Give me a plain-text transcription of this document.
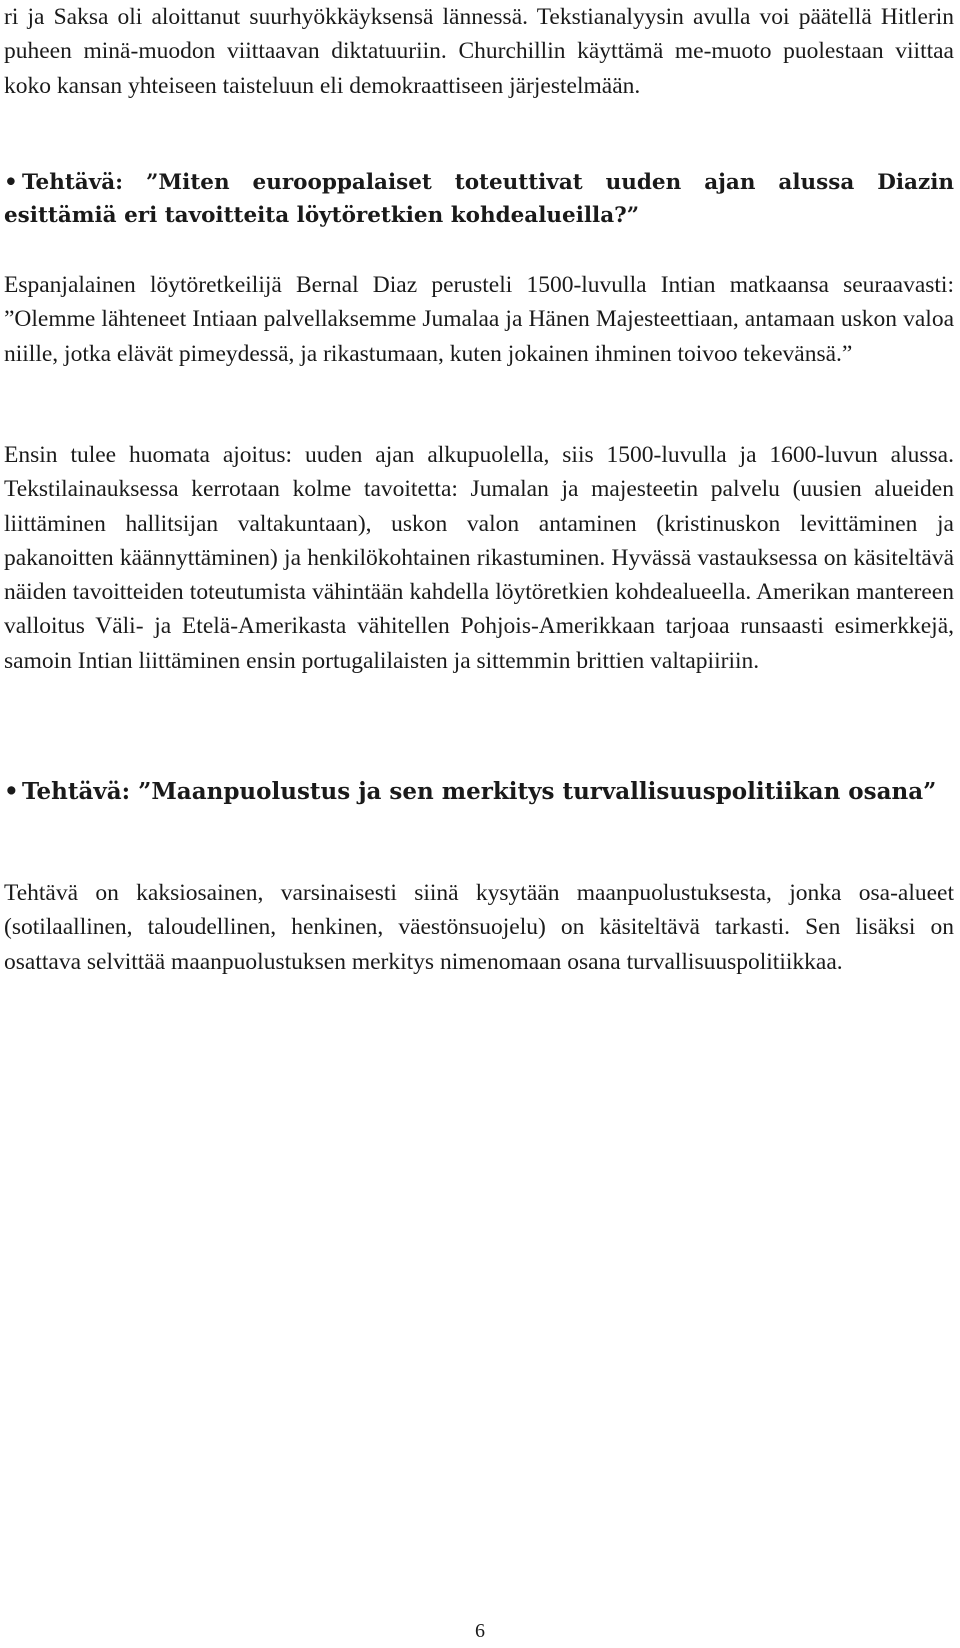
ri ja Saksa oli aloittanut suurhyökkäyksensä lännessä. Tekstianalyysin avulla voi päätellä Hitlerin puheen minä-muodon viittaavan diktatuuriin. Churchillin käyttämä me-muoto puolestaan viittaa koko kansan yhteiseen taisteluun eli demokraattiseen järjestelmään.

• Tehtävä: ”Miten eurooppalaiset toteuttivat uuden ajan alussa Diazin esittämiä eri tavoitteita löytöretkien kohdealueilla?”

Espanjalainen löytöretkeilijä Bernal Diaz perusteli 1500-luvulla Intian matkaansa seuraavasti: ”Olemme lähteneet Intiaan palvellaksemme Jumalaa ja Hänen Majesteettiaan, antamaan uskon valoa niille, jotka elävät pimeydessä, ja rikastumaan, kuten jokainen ihminen toivoo tekevänsä.”

Ensin tulee huomata ajoitus: uuden ajan alkupuolella, siis 1500-luvulla ja 1600-luvun alussa. Tekstilainauksessa kerrotaan kolme tavoitetta: Jumalan ja majesteetin palvelu (uusien alueiden liittäminen hallitsijan valtakuntaan), uskon valon antaminen (kristinuskon levittäminen ja pakanoitten käännyttäminen) ja henkilökohtainen rikastuminen. Hyvässä vastauksessa on käsiteltävä näiden tavoitteiden toteutumista vähintään kahdella löytöretkien kohdealueella. Amerikan mantereen valloitus Väli- ja Etelä-Amerikasta vähitellen Pohjois-Amerikkaan tarjoaa runsaasti esimerkkejä, samoin Intian liittäminen ensin portugalilaisten ja sittemmin brittien valtapiiriin.

• Tehtävä: ”Maanpuolustus ja sen merkitys turvallisuuspolitiikan osana”

Tehtävä on kaksiosainen, varsinaisesti siinä kysytään maanpuolustuksesta, jonka osa-alueet (sotilaallinen, taloudellinen, henkinen, väestönsuojelu) on käsiteltävä tarkasti. Sen lisäksi on osattava selvittää maanpuolustuksen merkitys nimenomaan osana turvallisuuspolitiikkaa.

6
